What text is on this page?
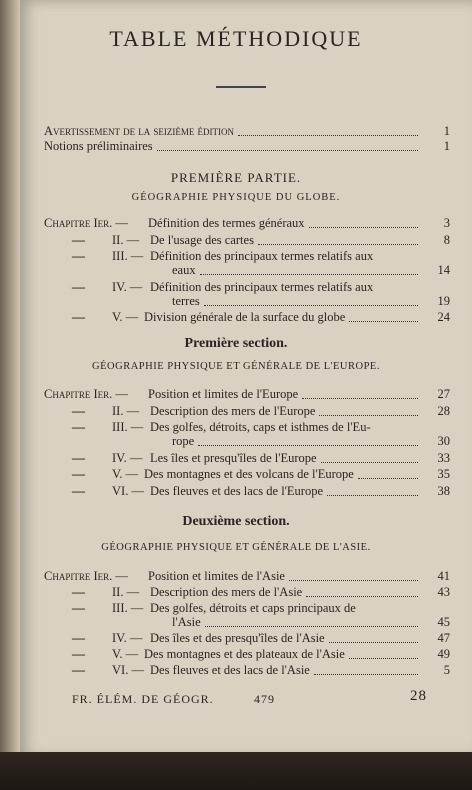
TABLE MÉTHODIQUE
Avertissement de la seizième édition	1
Notions préliminaires	1
PREMIÈRE PARTIE.
GÉOGRAPHIE PHYSIQUE DU GLOBE.
Chapitre Ier. — Définition des termes généraux	3
— II. — De l'usage des cartes	8
— III. — Définition des principaux termes relatifs aux
eaux	14
— IV. — Définition des principaux termes relatifs aux
terres	19
— V. — Division générale de la surface du globe	24
Première section.
GÉOGRAPHIE PHYSIQUE ET GÉNÉRALE DE L'EUROPE.
Chapitre Ier. — Position et limites de l'Europe	27
— II. — Description des mers de l'Europe	28
— III. — Des golfes, détroits, caps et isthmes de l'Eu-
rope	30
— IV. — Les îles et presqu'îles de l'Europe	33
— V. — Des montagnes et des volcans de l'Europe	35
— VI. — Des fleuves et des lacs de l'Europe	38
Deuxième section.
GÉOGRAPHIE PHYSIQUE ET GÉNÉRALE DE L'ASIE.
Chapitre Ier. — Position et limites de l'Asie	41
— II. — Description des mers de l'Asie	43
— III. — Des golfes, détroits et caps principaux de
l'Asie	45
— IV. — Des îles et des presqu'îles de l'Asie	47
— V. — Des montagnes et des plateaux de l'Asie	49
— VI. — Des fleuves et des lacs de l'Asie	5
FR. ÉLÉM. DE GÉOGR.	479	28
